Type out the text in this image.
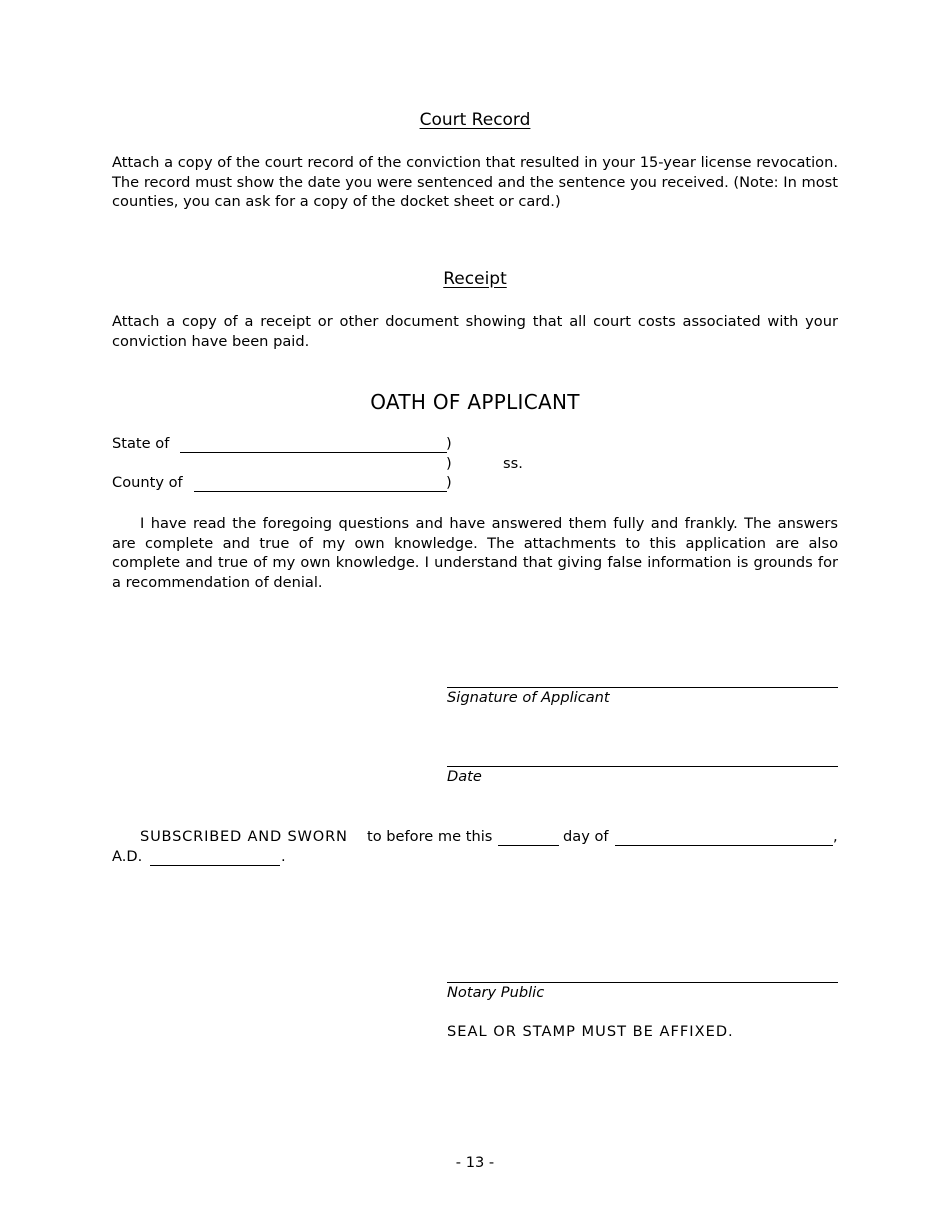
Court Record
Attach a copy of the court record of the conviction that resulted in your 15-year license revocation. The record must show the date you were sentenced and the sentence you received. (Note: In most counties, you can ask for a copy of the docket sheet or card.)
Receipt
Attach a copy of a receipt or other document showing that all court costs associated with your conviction have been paid.
OATH OF APPLICANT
State of	)
)	ss.
County of	)
I have read the foregoing questions and have answered them fully and frankly. The answers are complete and true of my own knowledge. The attachments to this application are also complete and true of my own knowledge. I understand that giving false information is grounds for a recommendation of denial.
Signature of Applicant
Date
SUBSCRIBED AND SWORN to before me this	day of	,
A.D.	.
Notary Public
SEAL OR STAMP MUST BE AFFIXED.
- 13 -
